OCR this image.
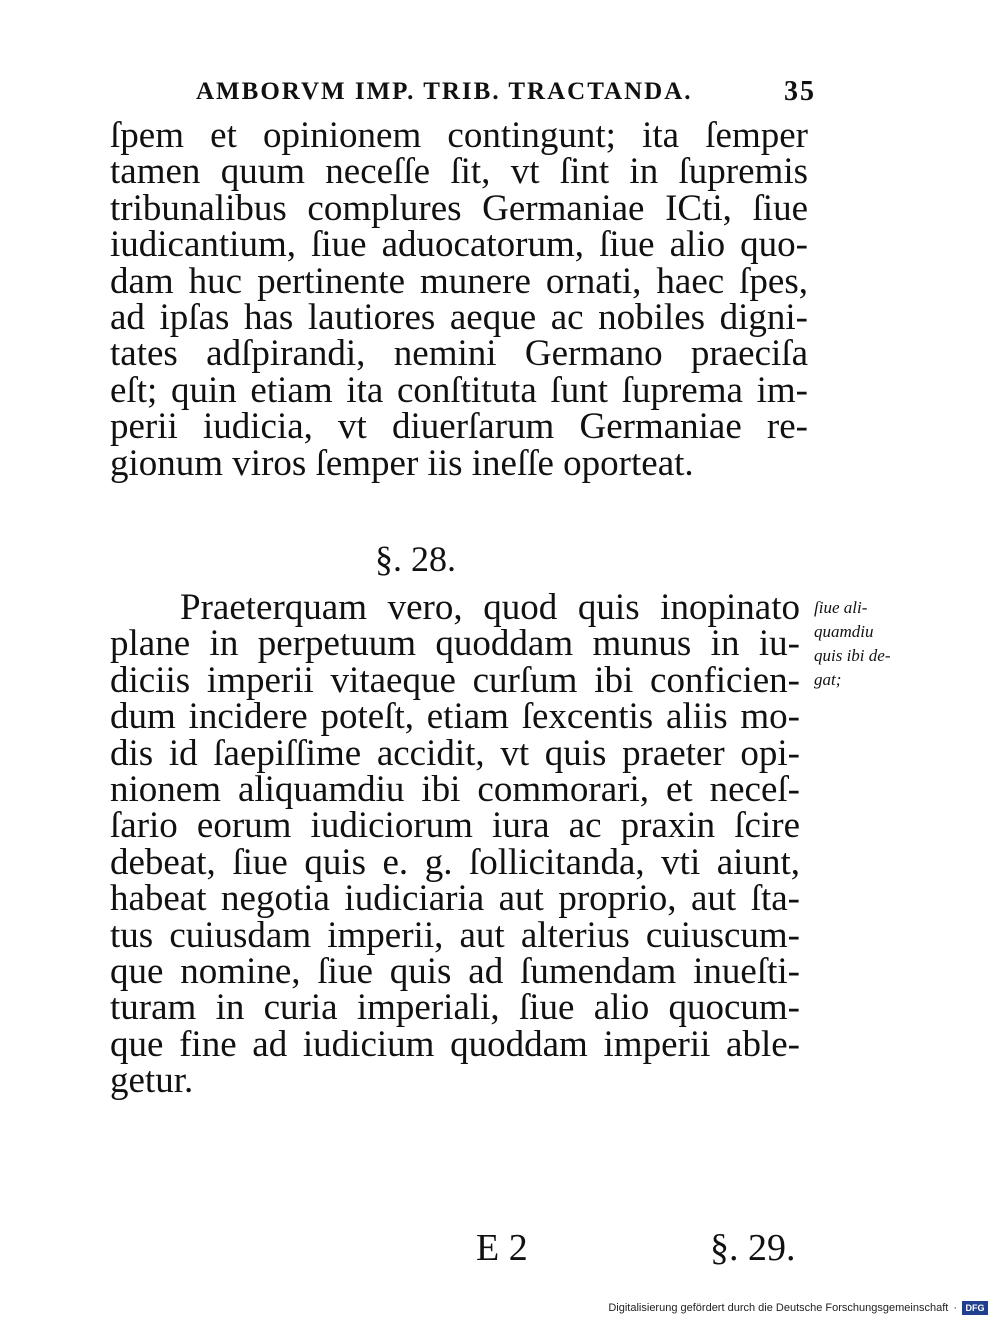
AMBORVM IMP. TRIB. TRACTANDA.	35
ſpem et opinionem contingunt; ita ſemper
tamen quum neceſſe ſit, vt ſint in ſupremis
tribunalibus complures Germaniae ICti, ſiue
iudicantium, ſiue aduocatorum, ſiue alio quo-
dam huc pertinente munere ornati, haec ſpes,
ad ipſas has lautiores aeque ac nobiles digni-
tates adſpirandi, nemini Germano praeciſa
eſt; quin etiam ita conſtituta ſunt ſuprema im-
perii iudicia, vt diuerſarum Germaniae re-
gionum viros ſemper iis ineſſe oporteat.
§. 28.
Praeterquam vero, quod quis inopinato
plane in perpetuum quoddam munus in iu-
diciis imperii vitaeque curſum ibi conficien-
dum incidere poteſt, etiam ſexcentis aliis mo-
dis id ſaepiſſime accidit, vt quis praeter opi-
nionem aliquamdiu ibi commorari, et neceſ-
ſario eorum iudiciorum iura ac praxin ſcire
debeat, ſiue quis e. g. ſollicitanda, vti aiunt,
habeat negotia iudiciaria aut proprio, aut ſta-
tus cuiusdam imperii, aut alterius cuiuscum-
que nomine, ſiue quis ad ſumendam inueſti-
turam in curia imperiali, ſiue alio quocum-
que fine ad iudicium quoddam imperii able-
getur.
ſiue ali-
quamdiu
quis ibi de-
gat;
E 2	§. 29.
Digitalisierung gefördert durch die Deutsche Forschungsgemeinschaft · DFG
